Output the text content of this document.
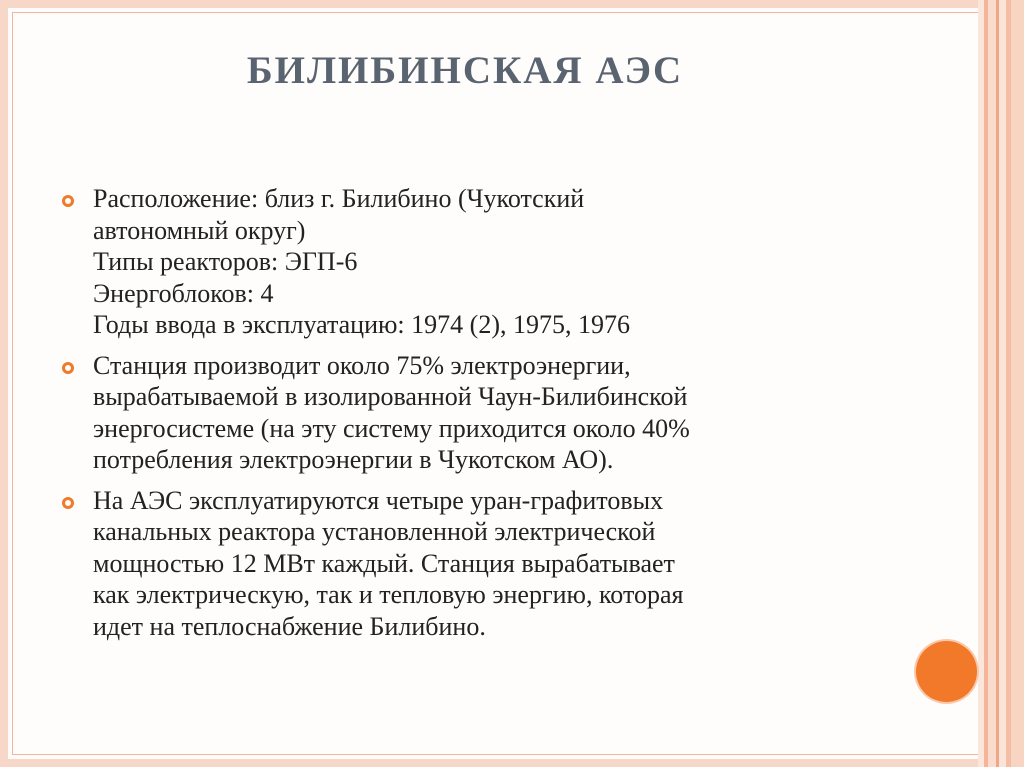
БИЛИБИНСКАЯ АЭС
Расположение: близ г. Билибино (Чукотский
автономный округ)
Типы реакторов: ЭГП-6
Энергоблоков: 4
Годы ввода в эксплуатацию: 1974 (2), 1975, 1976
Станция производит около 75% электроэнергии,
вырабатываемой в изолированной Чаун-Билибинской
энергосистеме (на эту систему приходится около 40%
потребления электроэнергии в Чукотском АО).
На АЭС эксплуатируются четыре уран-графитовых
канальных реактора установленной электрической
мощностью 12 МВт каждый. Станция вырабатывает
как электрическую, так и тепловую энергию, которая
идет на теплоснабжение Билибино.
